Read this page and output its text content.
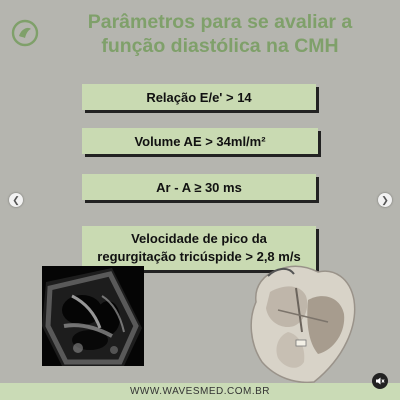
Parâmetros para se avaliar a
função diastólica na CMH
Relação E/e' > 14
Volume AE > 34ml/m²
Ar - A ≥ 30 ms
Velocidade de pico da
regurgitação tricúspide > 2,8 m/s
WWW.WAVESMED.COM.BR
❮	❯
